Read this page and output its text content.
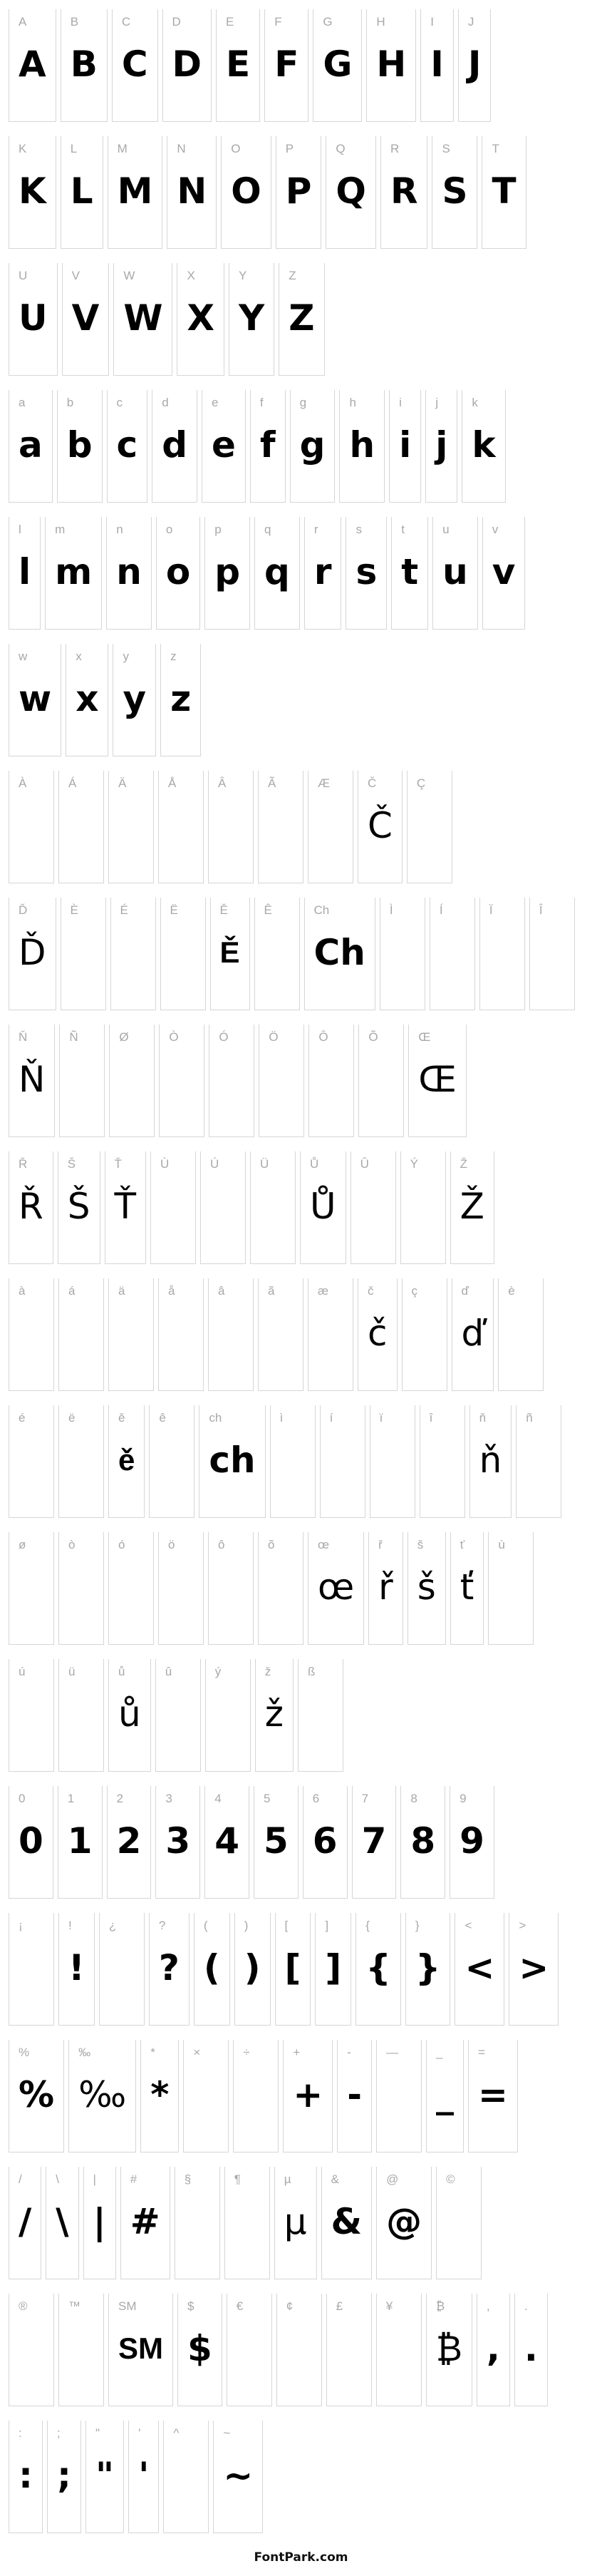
A
A
B
B
C
C
D
D
E
E
F
F
G
G
H
H
I
I
J
J
K
K
L
L
M
M
N
N
O
O
P
P
Q
Q
R
R
S
S
T
T
U
U
V
V
W
W
X
X
Y
Y
Z
Z
a
a
b
b
c
c
d
d
e
e
f
f
g
g
h
h
i
i
j
j
k
k
l
l
m
m
n
n
o
o
p
p
q
q
r
r
s
s
t
t
u
u
v
v
w
w
x
x
y
y
z
z
À	Á	Ä	Å	Â	Ã	Æ	Č
Č
Ç
Ď
Ď
È	É	Ë	Ě
Ě
Ê	Ch
Ch
Ì	Í	Ï	Î
Ň
Ň
Ñ	Ø	Ò	Ó	Ö	Ô	Õ	Œ
Œ
Ř
Ř
Š
Š
Ť
Ť
Ù	Ú	Ü	Ů
Ů
Û	Ý	Ž
Ž
à	á	ä	å	â	ã	æ	č
č
ç	ď
ď
è
é	ë	ě
ě
ê	ch
ch
ì	í	ï	î	ň
ň
ñ
ø	ò	ó	ö	ô	õ	œ
œ
ř
ř
š
š
ť
ť
ù
ú	ü	ů
ů
û	ý	ž
ž
ß
0
0
1
1
2
2
3
3
4
4
5
5
6
6
7
7
8
8
9
9
¡	!
!
¿	?
?
(
(
)
)
[
[
]
]
{
{
}
}
<
<
>
>
%
%
‰
‰
*
*
×	÷	+
+
-
-
—	_
_
=
=
/
/
\
\
|
|
#
#
§	¶	µ
µ
&
&
@
@
©
®	™	SM
SM
$
$
€	¢	£	¥	₿
₿
,
,
.
.
:
:
;
;
"
"
'
'
^	~
~
FontPark.com
